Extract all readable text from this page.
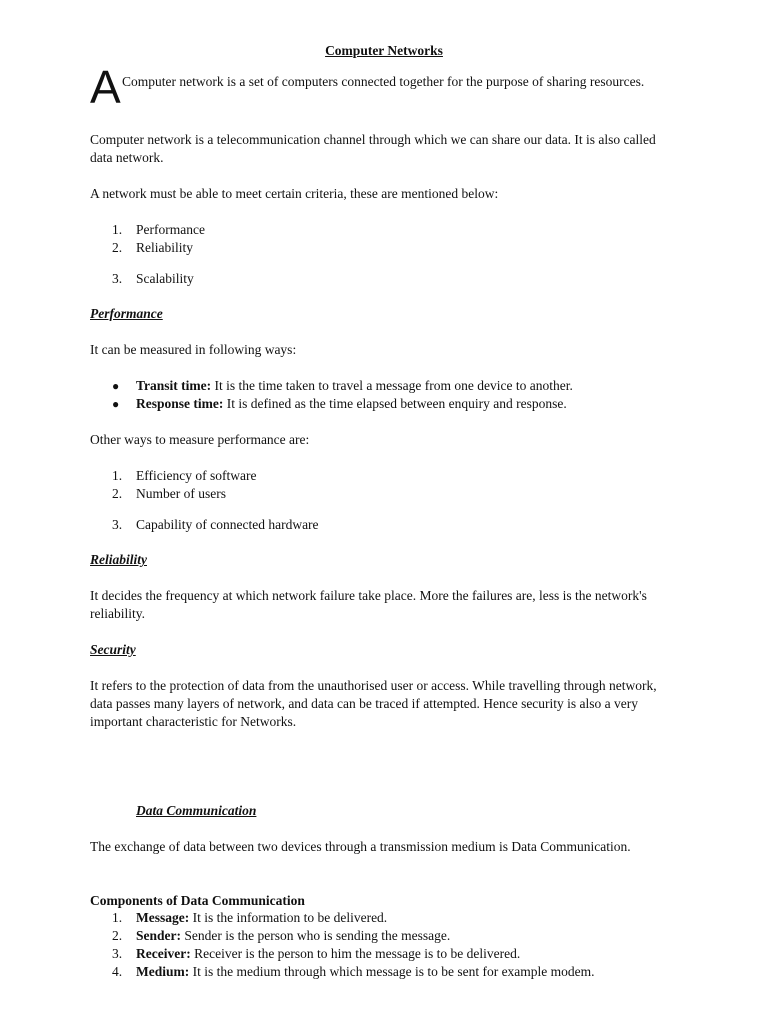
Computer Networks
A Computer network is a set of computers connected together for the purpose of sharing resources.

Computer network is a telecommunication channel through which we can share our data. It is also called data network.

A network must be able to meet certain criteria, these are mentioned below:

1. Performance
2. Reliability
3. Scalability
Performance

It can be measured in following ways:

● Transit time: It is the time taken to travel a message from one device to another.
● Response time: It is defined as the time elapsed between enquiry and response.

Other ways to measure performance are:

1. Efficiency of software
2. Number of users
3. Capability of connected hardware
Reliability

It decides the frequency at which network failure take place. More the failures are, less is the network's reliability.

Security

It refers to the protection of data from the unauthorised user or access. While travelling through network, data passes many layers of network, and data can be traced if attempted. Hence security is also a very important characteristic for Networks.

Data Communication

The exchange of data between two devices through a transmission medium is Data Communication.

Components of Data Communication
1. Message: It is the information to be delivered.
2. Sender: Sender is the person who is sending the message.
3. Receiver: Receiver is the person to him the message is to be delivered.
4. Medium: It is the medium through which message is to be sent for example modem.
